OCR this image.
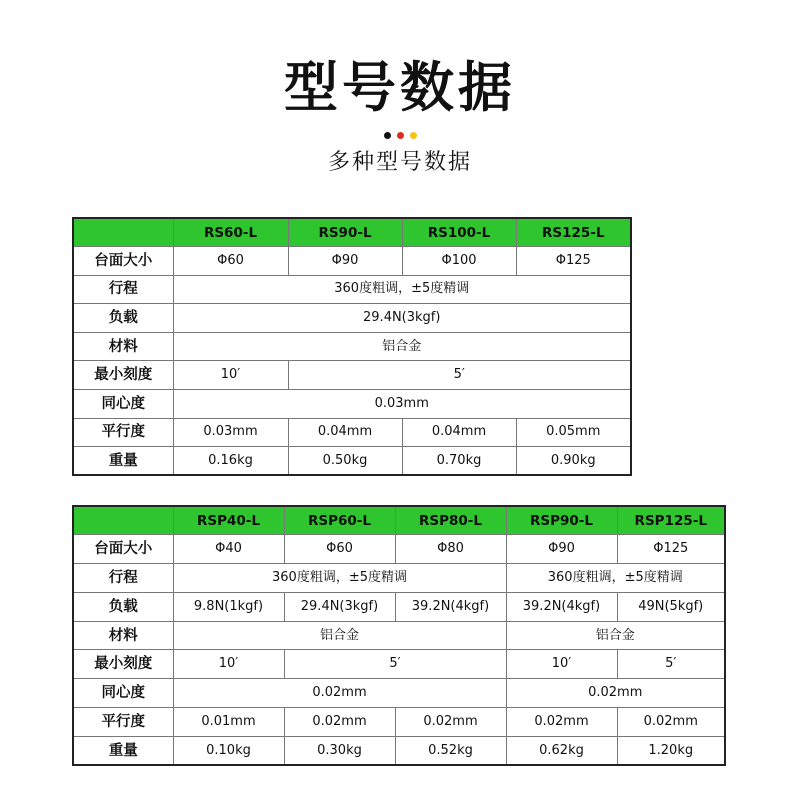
型号数据
多种型号数据
	RS60-L	RS90-L	RS100-L	RS125-L
台面大小	Φ60	Φ90	Φ100	Φ125
行程	360度粗调，±5度精调			
负载	29.4N(3kgf)			
材料	铝合金			
最小刻度	10′	5′		
同心度	0.03mm			
平行度	0.03mm	0.04mm	0.04mm	0.05mm
重量	0.16kg	0.50kg	0.70kg	0.90kg
	RSP40-L	RSP60-L	RSP80-L	RSP90-L	RSP125-L
台面大小	Φ40	Φ60	Φ80	Φ90	Φ125
行程	360度粗调，±5度精调			360度粗调，±5度精调	
负载	9.8N(1kgf)	29.4N(3kgf)	39.2N(4kgf)	39.2N(4kgf)	49N(5kgf)
材料	铝合金			铝合金	
最小刻度	10′	5′		10′	5′
同心度	0.02mm			0.02mm	
平行度	0.01mm	0.02mm	0.02mm	0.02mm	0.02mm
重量	0.10kg	0.30kg	0.52kg	0.62kg	1.20kg
